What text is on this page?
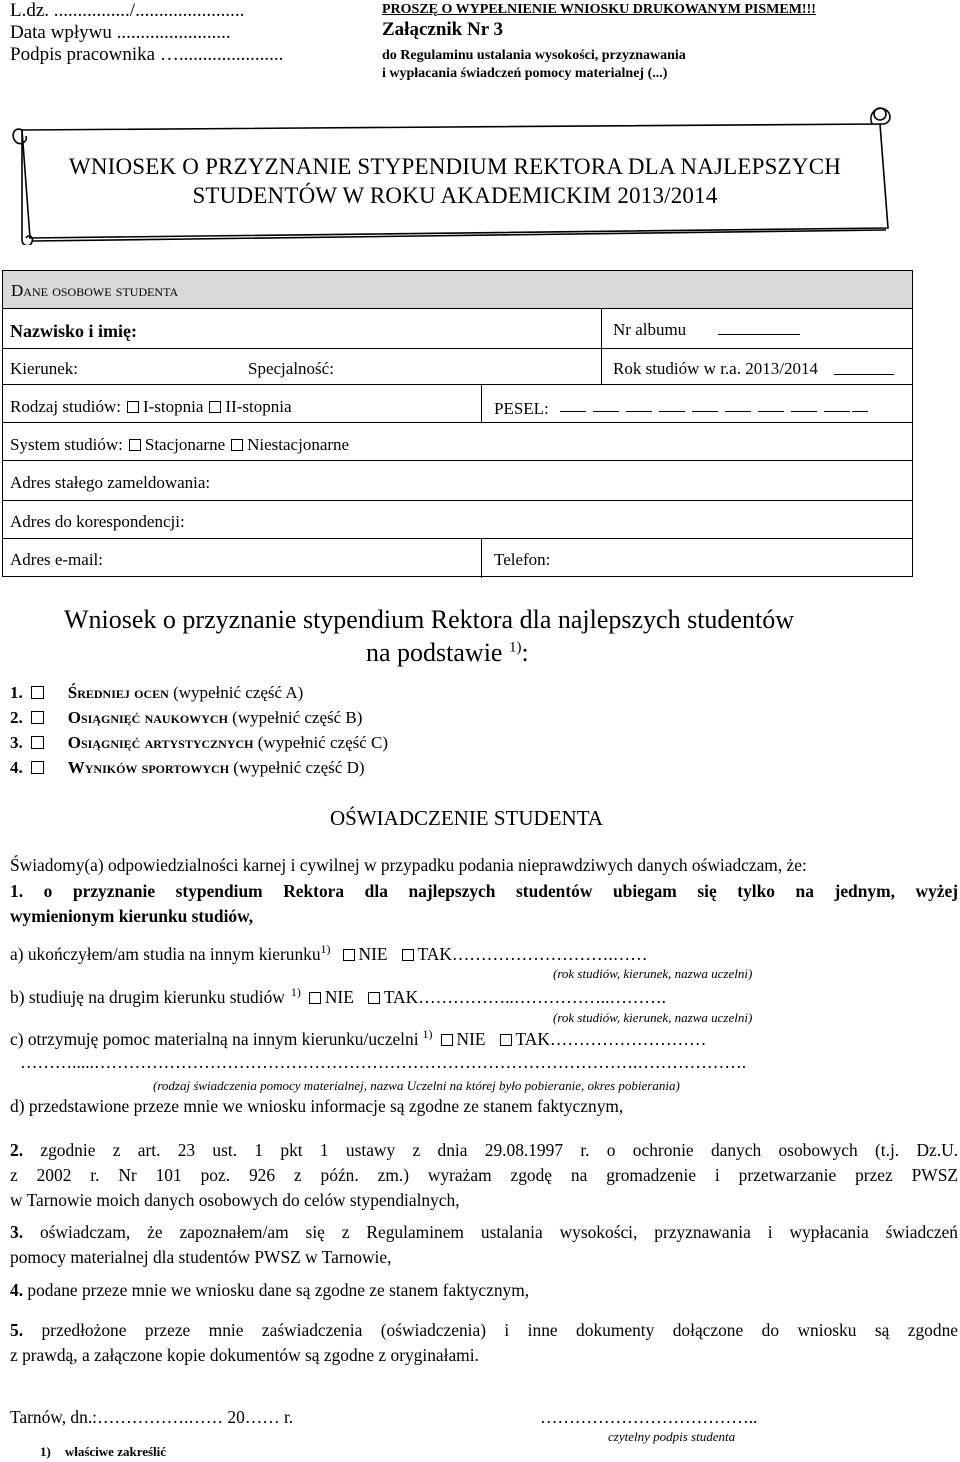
L.dz. ................/.......................
Data wpływu ........................
Podpis pracownika …......................
PROSZĘ O WYPEŁNIENIE WNIOSKU DRUKOWANYM PISMEM!!!
Załącznik Nr 3
do Regulaminu ustalania wysokości, przyznawania
i wypłacania świadczeń pomocy materialnej (...)
WNIOSEK O PRZYZNANIE STYPENDIUM REKTORA DLA NAJLEPSZYCH
STUDENTÓW W ROKU AKADEMICKIM 2013/2014
Dane osobowe studenta
Nazwisko i imię:	Nr albumu
Kierunek:	Specjalność:	Rok studiów w r.a. 2013/2014
Rodzaj studiów: I-stopnia II-stopnia	PESEL:
System studiów: Stacjonarne Niestacjonarne
Adres stałego zameldowania:
Adres do korespondencji:
Adres e-mail:	Telefon:
Wniosek o przyznanie stypendium Rektora dla najlepszych studentów
na podstawie $^{1)}$:
1.	Średniej ocen (wypełnić część A)
2.	Osiągnięć naukowych (wypełnić część B)
3.	Osiągnięć artystycznych (wypełnić część C)
4.	Wyników sportowych (wypełnić część D)
OŚWIADCZENIE STUDENTA
Świadomy(a) odpowiedzialności karnej i cywilnej w przypadku podania nieprawdziwych danych oświadczam, że:
1. o przyznanie stypendium Rektora dla najlepszych studentów ubiegam się tylko na jednym, wyżej
wymienionym kierunku studiów,
a) ukończyłem/am studia na innym kierunku$^{1)}$ NIE TAK……………………….……
(rok studiów, kierunek, nazwa uczelni)
b) studiuję na drugim kierunku studiów $^{1)}$ NIE TAK……………..……………..……….
(rok studiów, kierunek, nazwa uczelni)
c) otrzymuję pomoc materialną na innym kierunku/uczelni $^{1)}$ NIE TAK………………………
……….....………………………………………………………………………………….……………….
(rodzaj świadczenia pomocy materialnej, nazwa Uczelni na której było pobieranie, okres pobierania)
d) przedstawione przeze mnie we wniosku informacje są zgodne ze stanem faktycznym,
2. zgodnie z art. 23 ust. 1 pkt 1 ustawy z dnia 29.08.1997 r. o ochronie danych osobowych (t.j. Dz.U.
z 2002 r. Nr 101 poz. 926 z późn. zm.) wyrażam zgodę na gromadzenie i przetwarzanie przez PWSZ
w Tarnowie moich danych osobowych do celów stypendialnych,
3. oświadczam, że zapoznałem/am się z Regulaminem ustalania wysokości, przyznawania i wypłacania świadczeń
pomocy materialnej dla studentów PWSZ w Tarnowie,
4. podane przeze mnie we wniosku dane są zgodne ze stanem faktycznym,
5. przedłożone przeze mnie zaświadczenia (oświadczenia) i inne dokumenty dołączone do wniosku są zgodne
z prawdą, a załączone kopie dokumentów są zgodne z oryginałami.
Tarnów, dn.:…………….…… 20…… r.	………………………………..
czytelny podpis studenta
1) właściwe zakreślić
